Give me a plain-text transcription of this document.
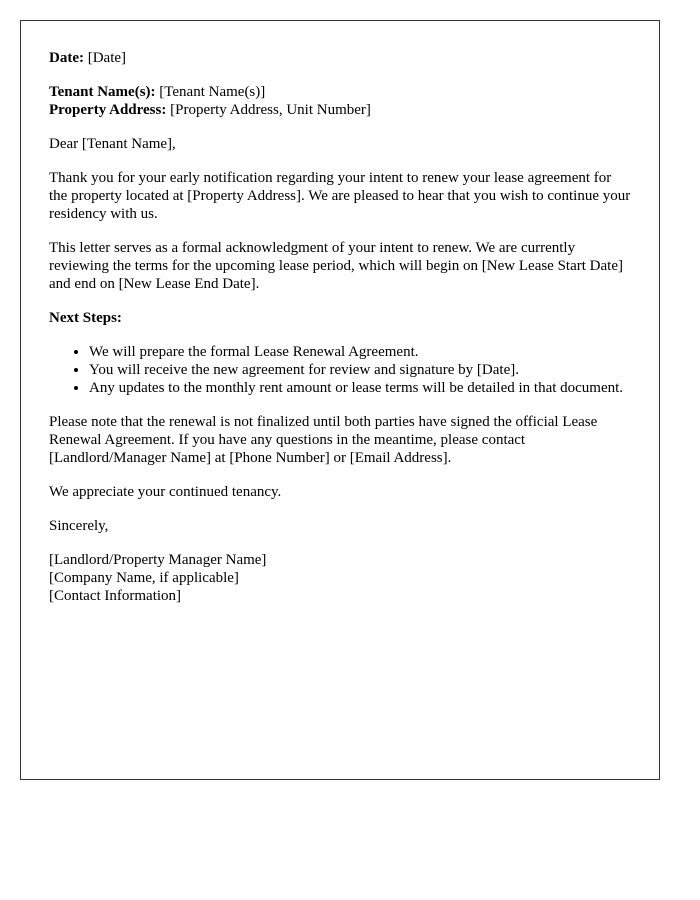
Date: [Date]

Tenant Name(s): [Tenant Name(s)]
Property Address: [Property Address, Unit Number]

Dear [Tenant Name],

Thank you for your early notification regarding your intent to renew your lease agreement for the property located at [Property Address]. We are pleased to hear that you wish to continue your residency with us.

This letter serves as a formal acknowledgment of your intent to renew. We are currently reviewing the terms for the upcoming lease period, which will begin on [New Lease Start Date] and end on [New Lease End Date].

Next Steps:

• We will prepare the formal Lease Renewal Agreement.
• You will receive the new agreement for review and signature by [Date].
• Any updates to the monthly rent amount or lease terms will be detailed in that document.

Please note that the renewal is not finalized until both parties have signed the official Lease Renewal Agreement. If you have any questions in the meantime, please contact [Landlord/Manager Name] at [Phone Number] or [Email Address].

We appreciate your continued tenancy.

Sincerely,

[Landlord/Property Manager Name]
[Company Name, if applicable]
[Contact Information]
